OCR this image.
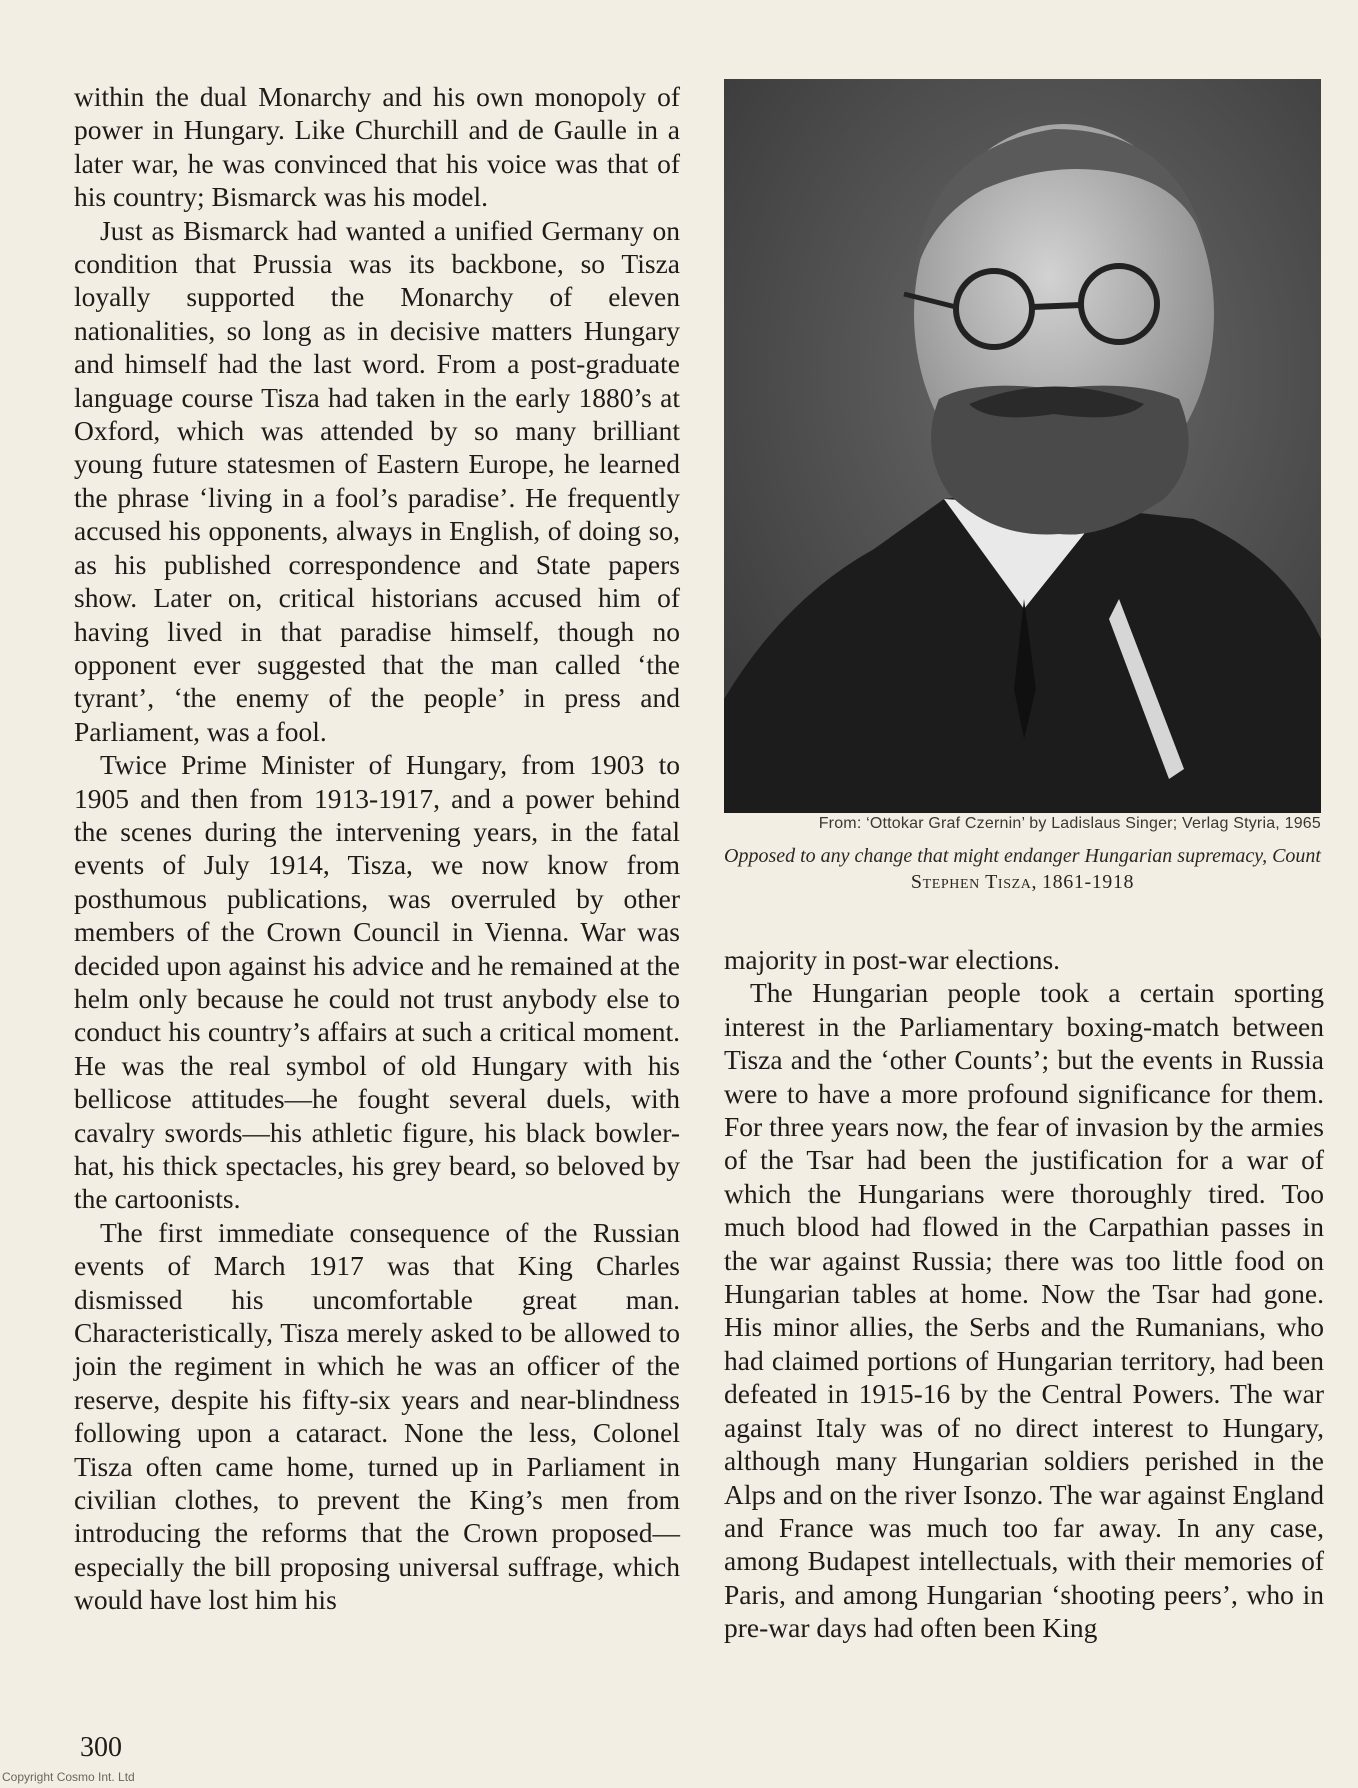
within the dual Monarchy and his own monopoly of power in Hungary. Like Churchill and de Gaulle in a later war, he was convinced that his voice was that of his country; Bismarck was his model.

Just as Bismarck had wanted a unified Germany on condition that Prussia was its backbone, so Tisza loyally supported the Monarchy of eleven nationalities, so long as in decisive matters Hungary and himself had the last word. From a post-graduate language course Tisza had taken in the early 1880’s at Oxford, which was attended by so many brilliant young future statesmen of Eastern Europe, he learned the phrase ‘living in a fool’s paradise’. He frequently accused his opponents, always in English, of doing so, as his published correspondence and State papers show. Later on, critical historians accused him of having lived in that paradise himself, though no opponent ever suggested that the man called ‘the tyrant’, ‘the enemy of the people’ in press and Parliament, was a fool.

Twice Prime Minister of Hungary, from 1903 to 1905 and then from 1913-1917, and a power behind the scenes during the intervening years, in the fatal events of July 1914, Tisza, we now know from posthumous publications, was overruled by other members of the Crown Council in Vienna. War was decided upon against his advice and he remained at the helm only because he could not trust anybody else to conduct his country’s affairs at such a critical moment. He was the real symbol of old Hungary with his bellicose attitudes—he fought several duels, with cavalry swords—his athletic figure, his black bowler-hat, his thick spectacles, his grey beard, so beloved by the cartoonists.

The first immediate consequence of the Russian events of March 1917 was that King Charles dismissed his uncomfortable great man. Characteristically, Tisza merely asked to be allowed to join the regiment in which he was an officer of the reserve, despite his fifty-six years and near-blindness following upon a cataract. None the less, Colonel Tisza often came home, turned up in Parliament in civilian clothes, to prevent the King’s men from introducing the reforms that the Crown proposed—especially the bill proposing universal suffrage, which would have lost him his

From: ‘Ottokar Graf Czernin’ by Ladislaus Singer; Verlag Styria, 1965
Opposed to any change that might endanger Hungarian supremacy, Count Stephen Tisza, 1861-1918

majority in post-war elections.

The Hungarian people took a certain sporting interest in the Parliamentary boxing-match between Tisza and the ‘other Counts’; but the events in Russia were to have a more profound significance for them. For three years now, the fear of invasion by the armies of the Tsar had been the justification for a war of which the Hungarians were thoroughly tired. Too much blood had flowed in the Carpathian passes in the war against Russia; there was too little food on Hungarian tables at home. Now the Tsar had gone. His minor allies, the Serbs and the Rumanians, who had claimed portions of Hungarian territory, had been defeated in 1915-16 by the Central Powers. The war against Italy was of no direct interest to Hungary, although many Hungarian soldiers perished in the Alps and on the river Isonzo. The war against England and France was much too far away. In any case, among Budapest intellectuals, with their memories of Paris, and among Hungarian ‘shooting peers’, who in pre-war days had often been King

300
Copyright Cosmo Int. Ltd
